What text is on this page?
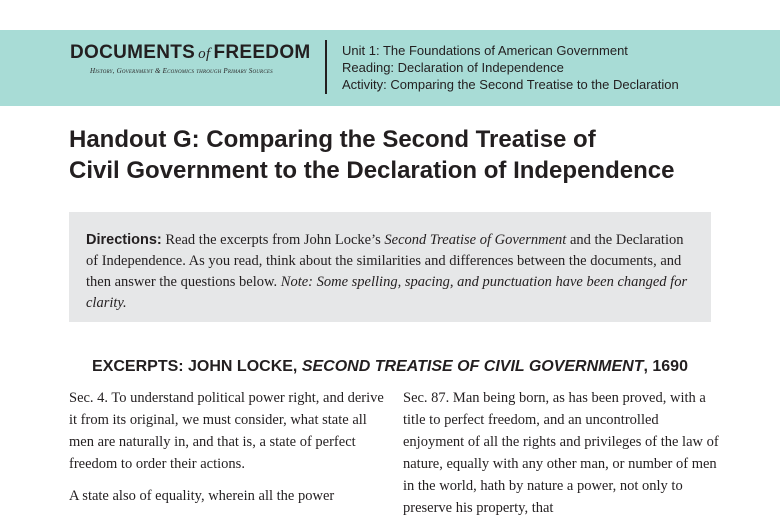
DOCUMENTS of FREEDOM
History, Government & Economics through Primary Sources
Unit 1: The Foundations of American Government
Reading: Declaration of Independence
Activity: Comparing the Second Treatise to the Declaration
Handout G: Comparing the Second Treatise of
Civil Government to the Declaration of Independence

Directions: Read the excerpts from John Locke’s Second Treatise of Government and the Declaration of Independence. As you read, think about the similarities and differences between the documents, and then answer the questions below. Note: Some spelling, spacing, and punctuation have been changed for clarity.

EXCERPTS: JOHN LOCKE, SECOND TREATISE OF CIVIL GOVERNMENT, 1690

Sec. 4. To understand political power right, and derive it from its original, we must consider, what state all men are naturally in, and that is, a state of perfect freedom to order their actions.

A state also of equality, wherein all the power

Sec. 87. Man being born, as has been proved, with a title to perfect freedom, and an uncontrolled enjoyment of all the rights and privileges of the law of nature, equally with any other man, or number of men in the world, hath by nature a power, not only to preserve his property, that
